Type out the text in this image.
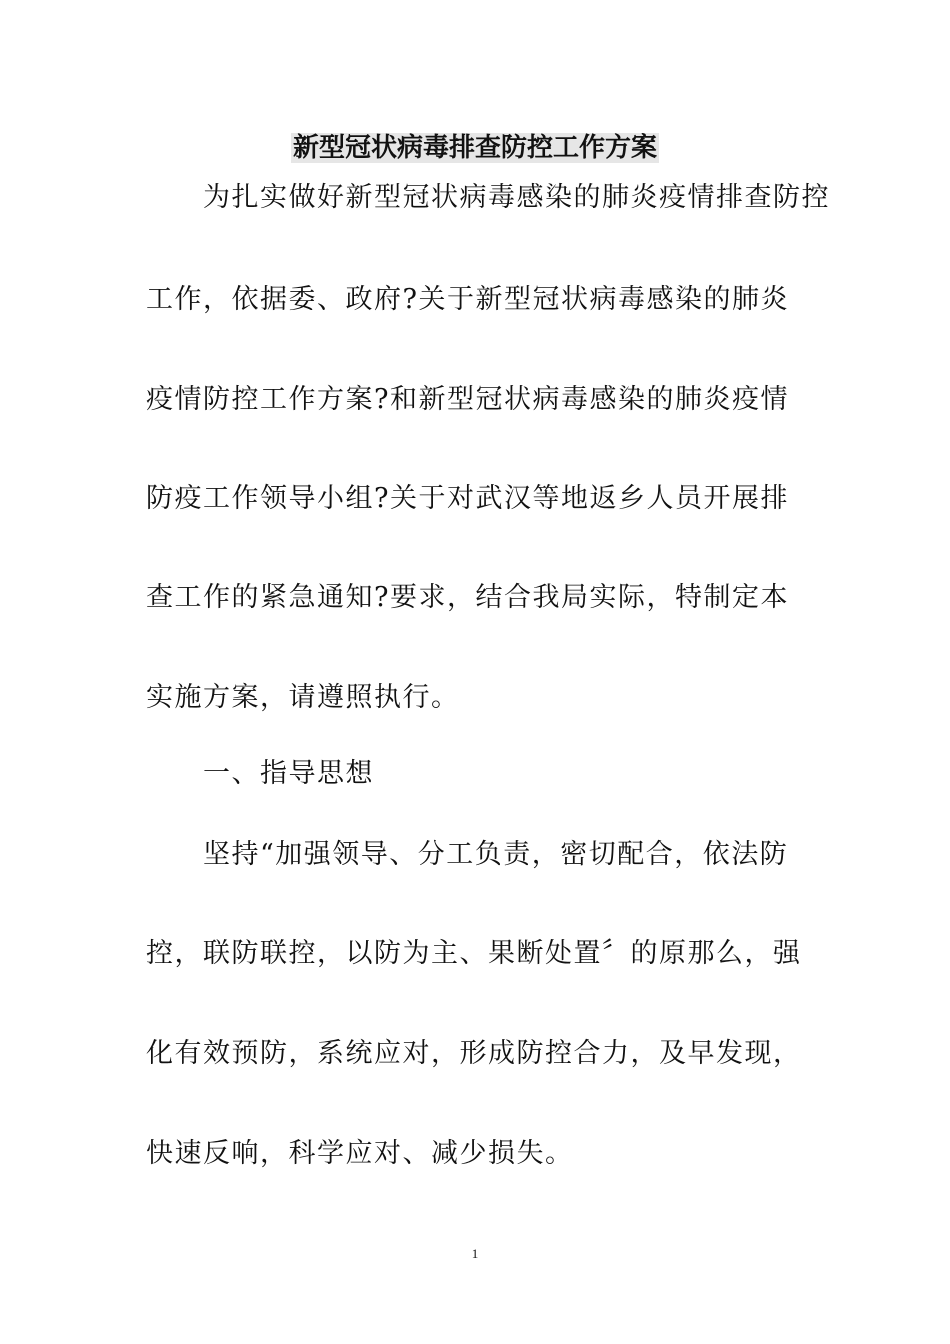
新型冠状病毒排查防控工作方案
为扎实做好新型冠状病毒感染的肺炎疫情排查防控
工作，依据委、政府?关于新型冠状病毒感染的肺炎
疫情防控工作方案?和新型冠状病毒感染的肺炎疫情
防疫工作领导小组?关于对武汉等地返乡人员开展排
查工作的紧急通知?要求，结合我局实际，特制定本
实施方案，请遵照执行。
一、指导思想
坚持“加强领导、分工负责，密切配合，依法防
控，联防联控，以防为主、果断处置〞的原那么，强
化有效预防，系统应对，形成防控合力，及早发现，
快速反响，科学应对、减少损失。
1
